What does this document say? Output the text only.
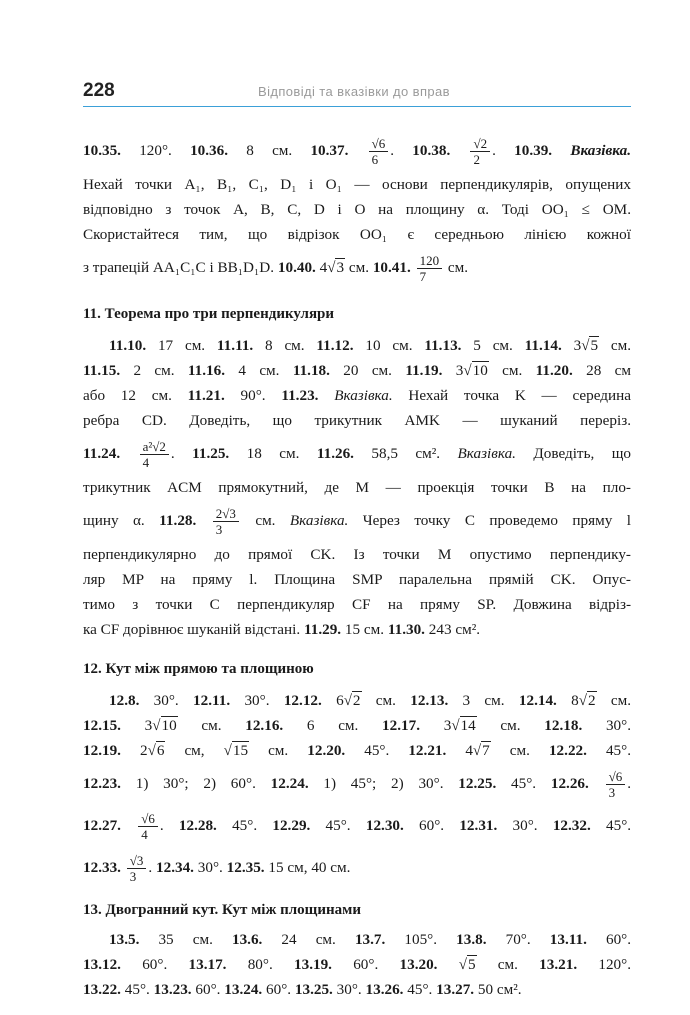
228	Відповіді та вказівки до вправ

10.35. 120°. 10.36. 8 см. 10.37. $\frac{√6}{6}$ . 10.38. $\frac{√2}{2}$ . 10.39. Вказівка.

Нехай точки A₁, B₁, C₁, D₁ і O₁ — основи перпендикулярів, опущених

відповідно з точок A, B, C, D і O на площину α. Тоді OO₁ ≤ OM.

Скористайтеся тим, що відрізок OO₁ є середньою лінією кожної

з трапецій AA₁C₁C і BB₁D₁D. 10.40. 4√3 см. 10.41. $\frac{120}{7}$ см.

11. Теорема про три перпендикуляри

11.10. 17 см. 11.11. 8 см. 11.12. 10 см. 11.13. 5 см. 11.14. 3√5 см.

11.15. 2 см. 11.16. 4 см. 11.18. 20 см. 11.19. 3√10 см. 11.20. 28 см

або 12 см. 11.21. 90°. 11.23. Вказівка. Нехай точка K — середина

ребра CD. Доведіть, що трикутник AMK — шуканий переріз.

11.24. $\frac{\text{a²√2}}{4}$ . 11.25. 18 см. 11.26. 58,5 см². Вказівка. Доведіть, що

трикутник ACM прямокутний, де M — проекція точки B на пло-

щину α. 11.28. $\frac{2√3}{3}$ см. Вказівка. Через точку C проведемо пряму l

перпендикулярно до прямої CK. Із точки M опустимо перпендику-

ляр MP на пряму l. Площина SMP паралельна прямій CK. Опус-

тимо з точки C перпендикуляр CF на пряму SP. Довжина відріз-

ка CF дорівнює шуканій відстані. 11.29. 15 см. 11.30. 243 см².

12. Кут між прямою та площиною

12.8. 30°. 12.11. 30°. 12.12. 6√2 см. 12.13. 3 см. 12.14. 8√2 см.

12.15. 3√10 см. 12.16. 6 см. 12.17. 3√14 см. 12.18. 30°.

12.19. 2√6 см, √15 см. 12.20. 45°. 12.21. 4√7 см. 12.22. 45°.

12.23. 1) 30°; 2) 60°. 12.24. 1) 45°; 2) 30°. 12.25. 45°. 12.26. $\frac{√6}{3}$ .

12.27. $\frac{√6}{4}$ . 12.28. 45°. 12.29. 45°. 12.30. 60°. 12.31. 30°. 12.32. 45°.

12.33. $\frac{√3}{3}$ . 12.34. 30°. 12.35. 15 см, 40 см.

13. Двогранний кут. Кут між площинами

13.5. 35 см. 13.6. 24 см. 13.7. 105°. 13.8. 70°. 13.11. 60°.

13.12. 60°. 13.17. 80°. 13.19. 60°. 13.20. √5 см. 13.21. 120°.

13.22. 45°. 13.23. 60°. 13.24. 60°. 13.25. 30°. 13.26. 45°. 13.27. 50 см².
